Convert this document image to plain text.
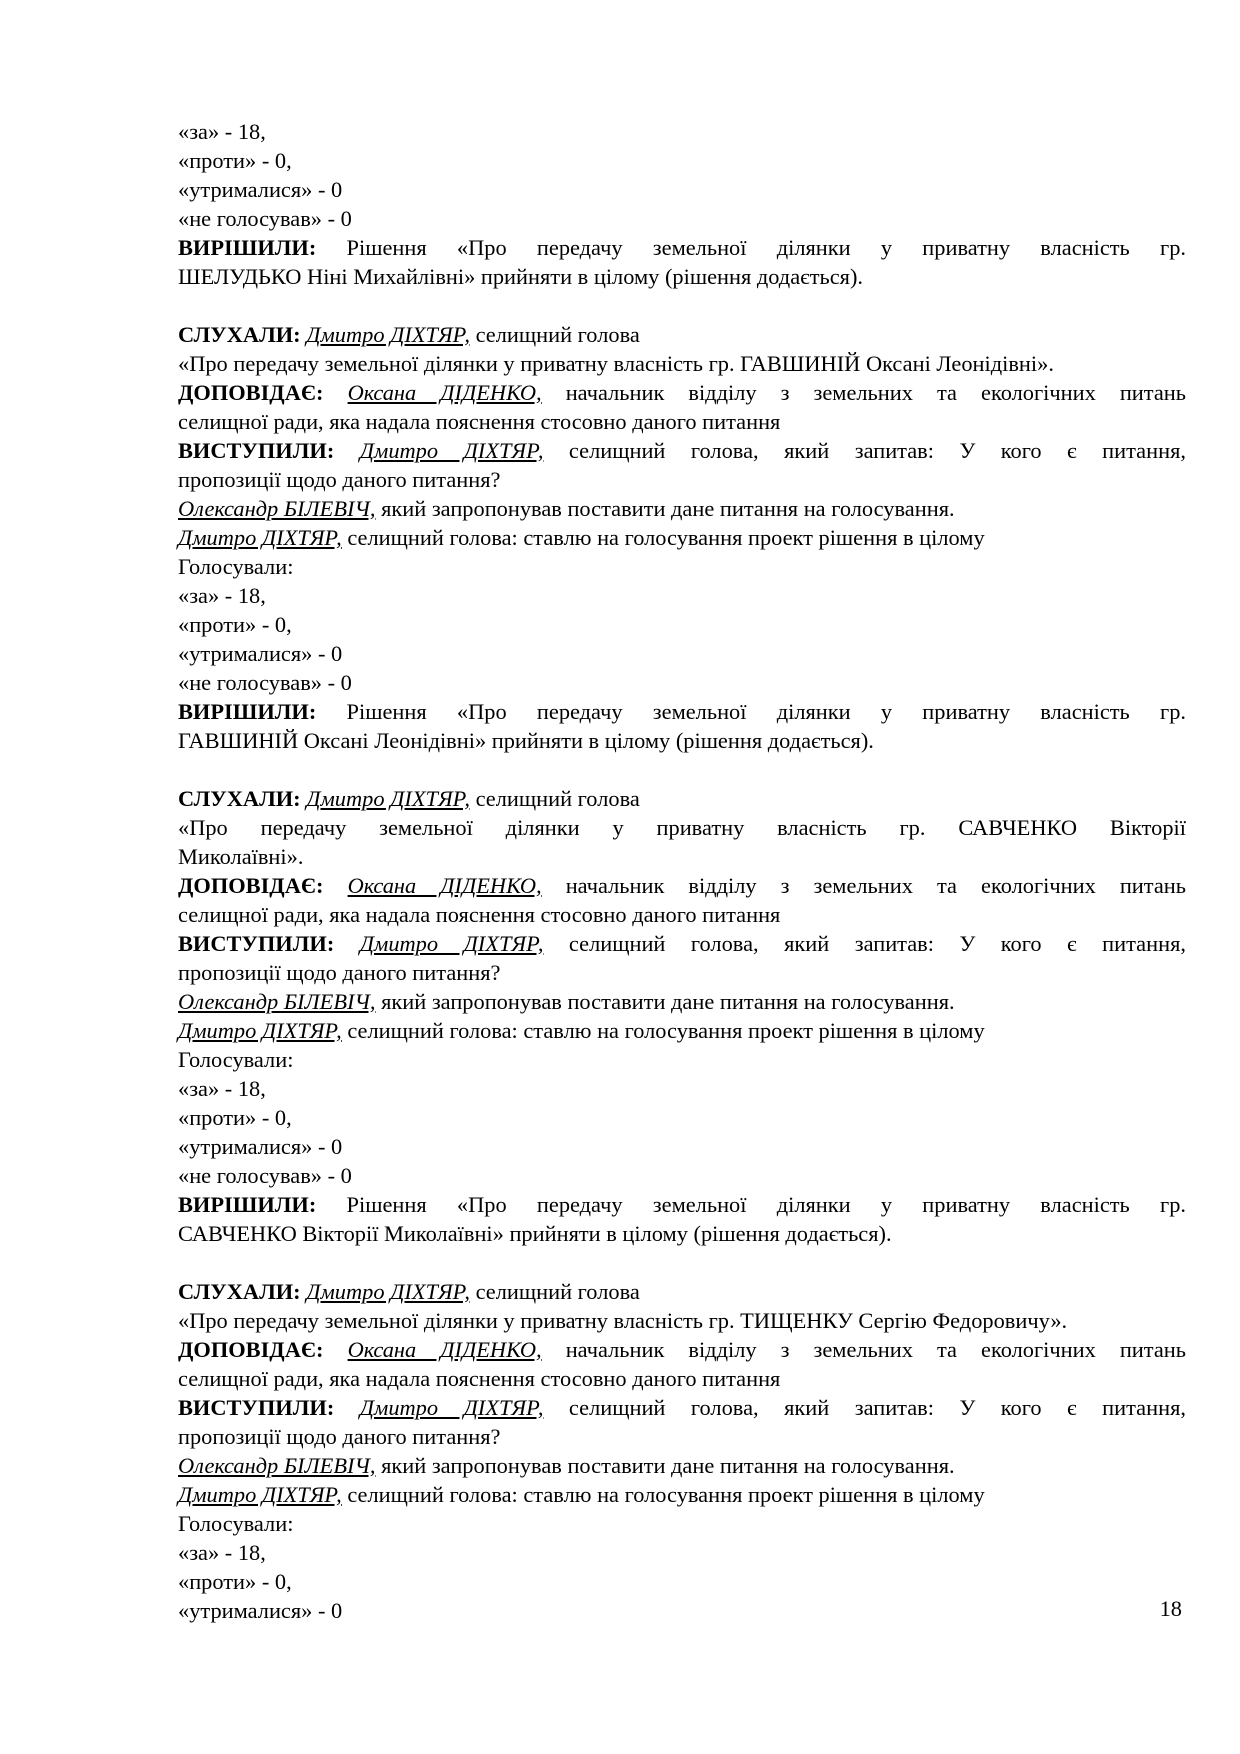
«за» - 18,

«проти» - 0,

«утрималися» - 0

«не голосував» - 0

ВИРІШИЛИ: Рішення «Про передачу земельної ділянки у приватну власність гр.

ШЕЛУДЬКО Ніні Михайлівні» прийняти в цілому (рішення додається).

СЛУХАЛИ: Дмитро ДІХТЯР, селищний голова

«Про передачу земельної ділянки у приватну власність гр. ГАВШИНІЙ Оксані Леонідівні».

ДОПОВІДАЄ: Оксана ДІДЕНКО, начальник відділу з земельних та екологічних питань

селищної ради, яка надала пояснення стосовно даного питання

ВИСТУПИЛИ: Дмитро ДІХТЯР, селищний голова, який запитав: У кого є питання,

пропозиції щодо даного питання?

Олександр БІЛЕВІЧ, який запропонував поставити дане питання на голосування.

Дмитро ДІХТЯР, селищний голова: ставлю на голосування проект рішення в цілому

Голосували:

«за» - 18,

«проти» - 0,

«утрималися» - 0

«не голосував» - 0

ВИРІШИЛИ: Рішення «Про передачу земельної ділянки у приватну власність гр.

ГАВШИНІЙ Оксані Леонідівні» прийняти в цілому (рішення додається).

СЛУХАЛИ: Дмитро ДІХТЯР, селищний голова

«Про передачу земельної ділянки у приватну власність гр. САВЧЕНКО Вікторії

Миколаївні».

ДОПОВІДАЄ: Оксана ДІДЕНКО, начальник відділу з земельних та екологічних питань

селищної ради, яка надала пояснення стосовно даного питання

ВИСТУПИЛИ: Дмитро ДІХТЯР, селищний голова, який запитав: У кого є питання,

пропозиції щодо даного питання?

Олександр БІЛЕВІЧ, який запропонував поставити дане питання на голосування.

Дмитро ДІХТЯР, селищний голова: ставлю на голосування проект рішення в цілому

Голосували:

«за» - 18,

«проти» - 0,

«утрималися» - 0

«не голосував» - 0

ВИРІШИЛИ: Рішення «Про передачу земельної ділянки у приватну власність гр.

САВЧЕНКО Вікторії Миколаївні» прийняти в цілому (рішення додається).

СЛУХАЛИ: Дмитро ДІХТЯР, селищний голова

«Про передачу земельної ділянки у приватну власність гр. ТИЩЕНКУ Сергію Федоровичу».

ДОПОВІДАЄ: Оксана ДІДЕНКО, начальник відділу з земельних та екологічних питань

селищної ради, яка надала пояснення стосовно даного питання

ВИСТУПИЛИ: Дмитро ДІХТЯР, селищний голова, який запитав: У кого є питання,

пропозиції щодо даного питання?

Олександр БІЛЕВІЧ, який запропонував поставити дане питання на голосування.

Дмитро ДІХТЯР, селищний голова: ставлю на голосування проект рішення в цілому

Голосували:

«за» - 18,

«проти» - 0,

«утрималися» - 0	18
